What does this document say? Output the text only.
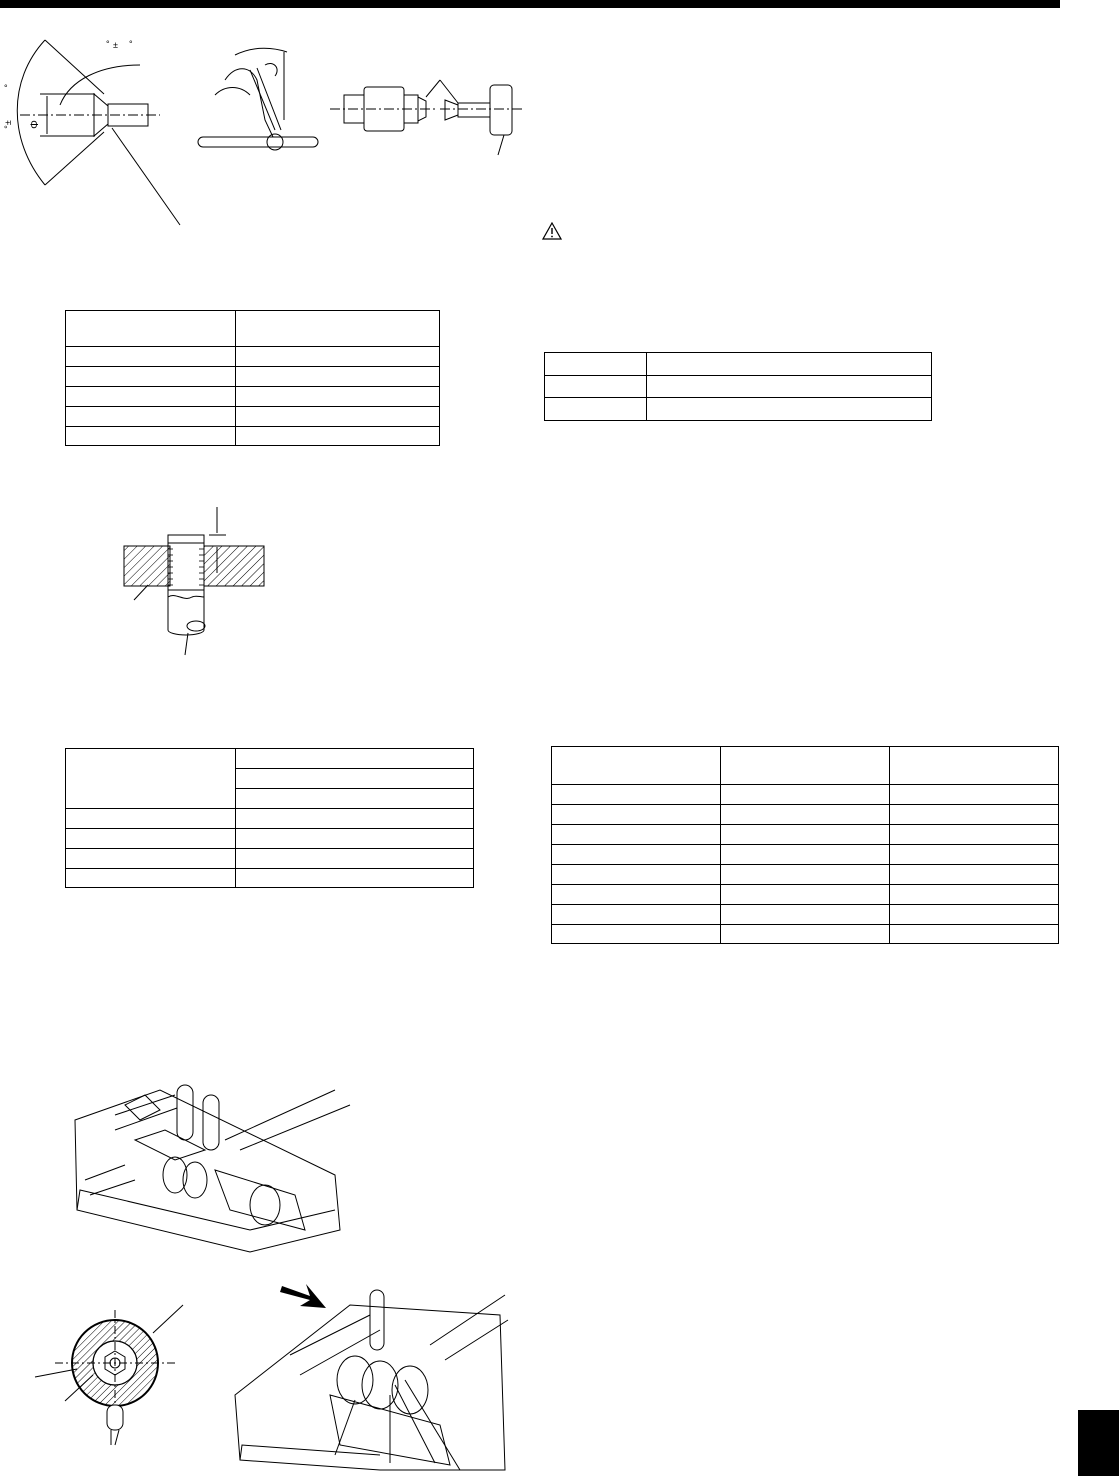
° ± °
°
°± Φ
